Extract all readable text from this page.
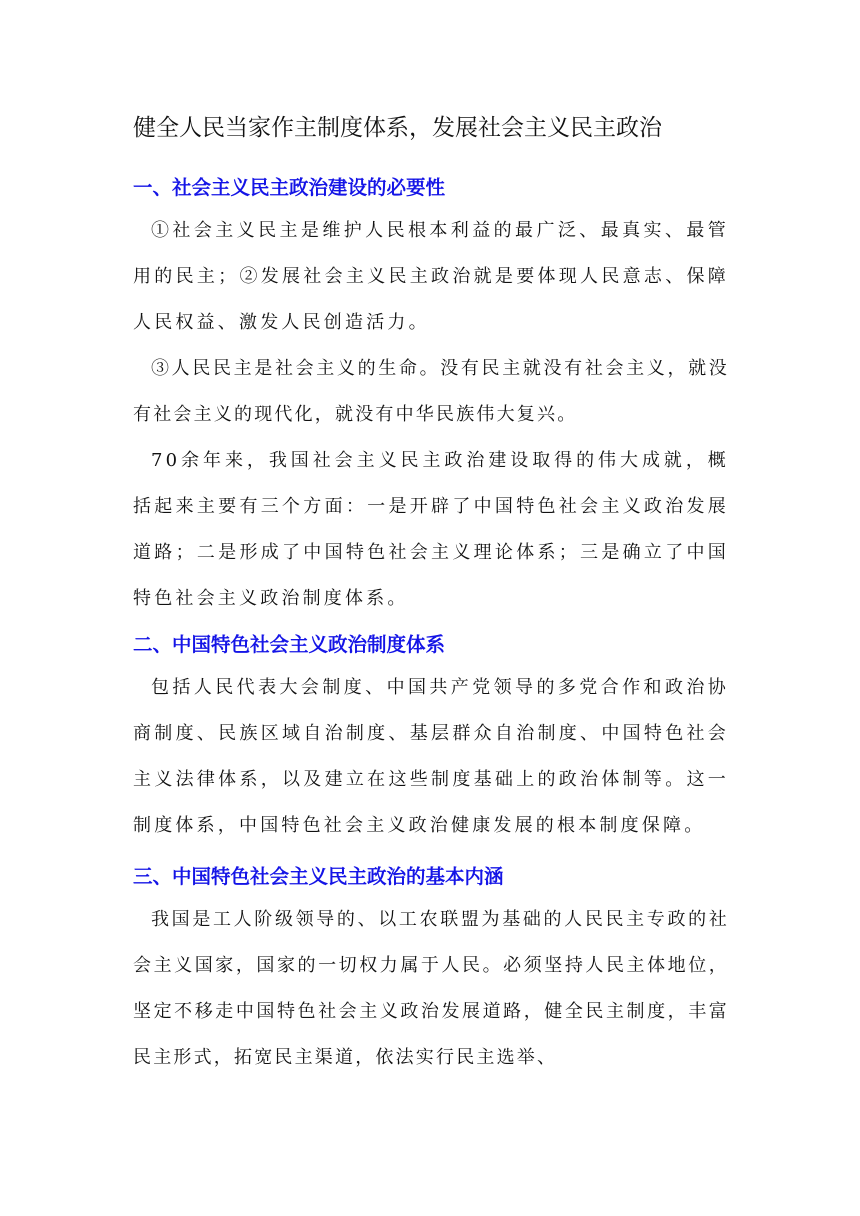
健全人民当家作主制度体系，发展社会主义民主政治
一、社会主义民主政治建设的必要性

①社会主义民主是维护人民根本利益的最广泛、最真实、最管用的民主；②发展社会主义民主政治就是要体现人民意志、保障人民权益、激发人民创造活力。

③人民民主是社会主义的生命。没有民主就没有社会主义，就没有社会主义的现代化，就没有中华民族伟大复兴。

70余年来，我国社会主义民主政治建设取得的伟大成就，概括起来主要有三个方面：一是开辟了中国特色社会主义政治发展道路；二是形成了中国特色社会主义理论体系；三是确立了中国特色社会主义政治制度体系。

二、中国特色社会主义政治制度体系

包括人民代表大会制度、中国共产党领导的多党合作和政治协商制度、民族区域自治制度、基层群众自治制度、中国特色社会主义法律体系，以及建立在这些制度基础上的政治体制等。这一制度体系，中国特色社会主义政治健康发展的根本制度保障。

三、中国特色社会主义民主政治的基本内涵

我国是工人阶级领导的、以工农联盟为基础的人民民主专政的社会主义国家，国家的一切权力属于人民。必须坚持人民主体地位，坚定不移走中国特色社会主义政治发展道路，健全民主制度，丰富民主形式，拓宽民主渠道，依法实行民主选举、
